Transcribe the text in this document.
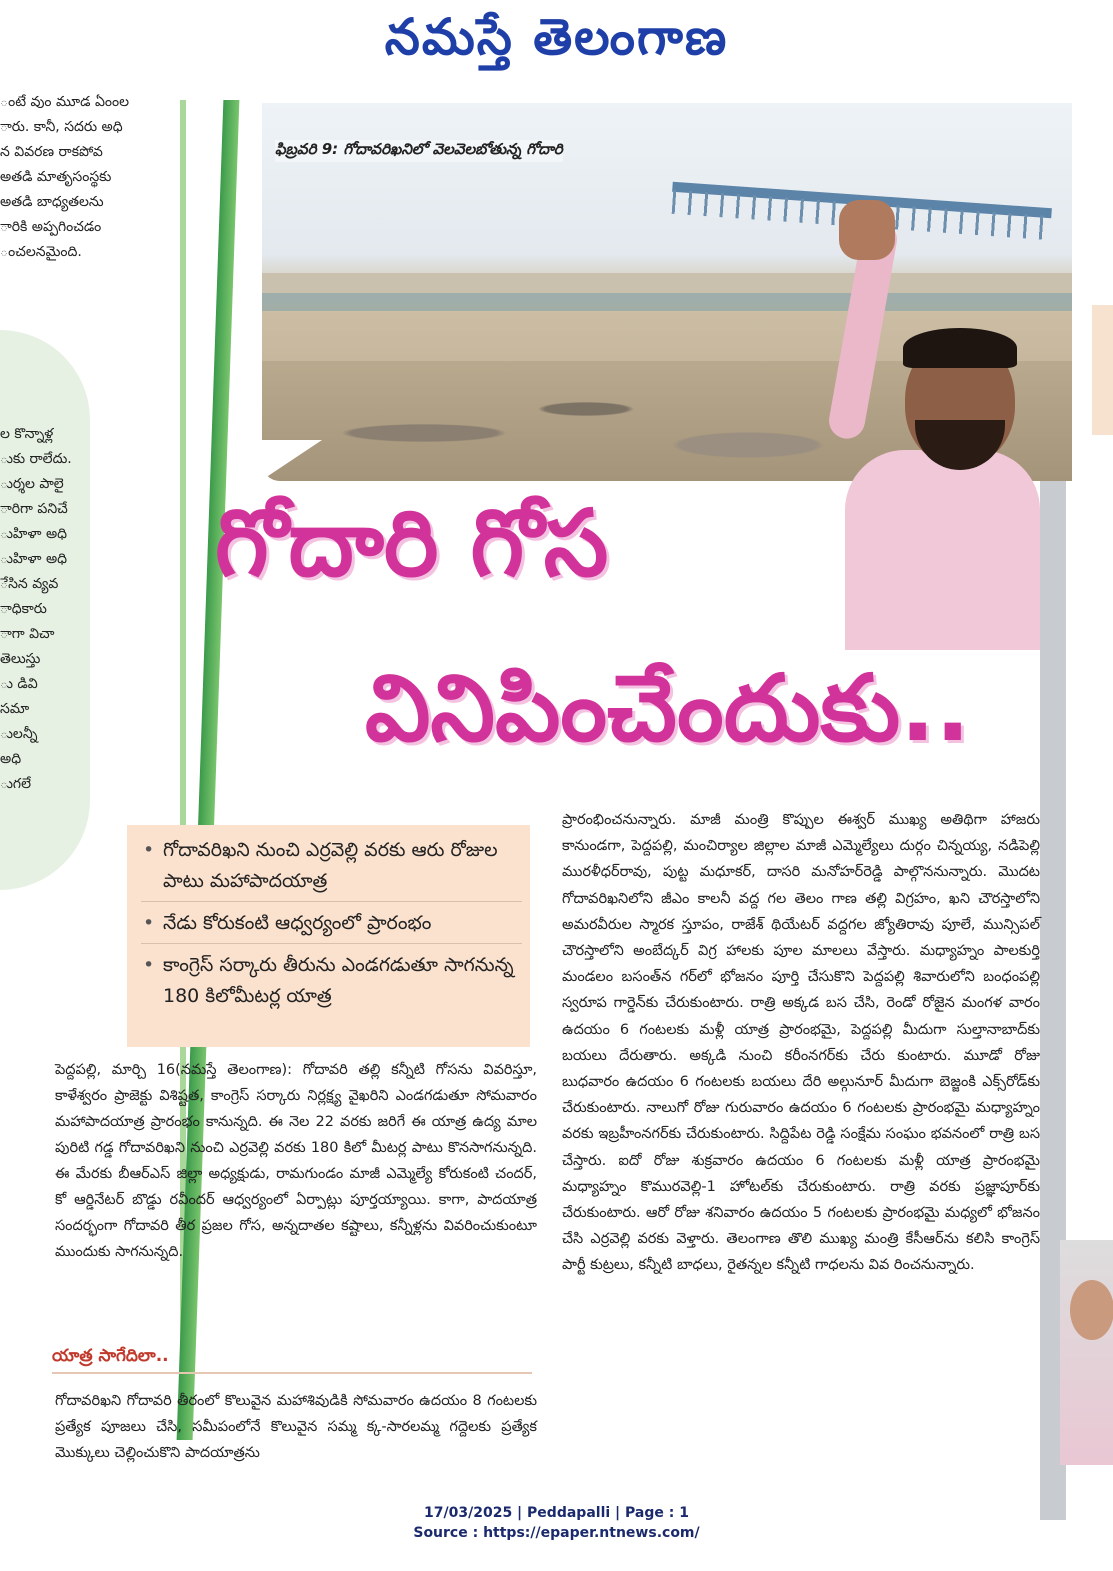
నమస్తే తెలంగాణ
ంటే వుం మూడ ఏంంల
ారు. కానీ, సదరు అధి
న వివరణ రాకపోవ
అతడి మాతృసంస్థకు
అతడి బాధ్యతలను
ారికి అప్పగించడం
ంచలనమైంది.
ల కొన్నాళ్ల
ుకు రాలేదు.
ుర్శల పాలై
ారిగా పనిచే
ుహిళా అధి
ుహిళా అధి
ేసిన వ్యవ
ాధికారు
ాగా విచా
తెలుస్తు
ు డివి
సమా
ులన్నీ
అధి
ుగలే
ఫిబ్రవరి 9: గోదావరిఖనిలో వెలవెలబోతున్న గోదారి
గోదారి గోస
వినిపించేందుకు..
• గోదావరిఖని నుంచి ఎర్రవెల్లి వరకు ఆరు రోజుల పాటు మహాపాదయాత్ర
• నేడు కోరుకంటి ఆధ్వర్యంలో ప్రారంభం
• కాంగ్రెస్ సర్కారు తీరును ఎండగడుతూ సాగనున్న 180 కిలోమీటర్ల యాత్ర
పెద్దపల్లి, మార్చి 16(నమస్తే తెలంగాణ): గోదావరి తల్లి కన్నీటి గోసను వివరిస్తూ, కాళేశ్వరం ప్రాజెక్టు విశిష్టత, కాంగ్రెస్ సర్కారు నిర్లక్ష్య వైఖరిని ఎండగడుతూ సోమవారం మహాపాదయాత్ర ప్రారంభం కానున్నది. ఈ నెల 22 వరకు జరిగే ఈ యాత్ర ఉద్య మాల పురిటి గడ్డ గోదావరిఖని నుంచి ఎర్రవెల్లి వరకు 180 కిలో మీటర్ల పాటు కొనసాగనున్నది. ఈ మేరకు బీఆర్ఎస్ జిల్లా అధ్యక్షుడు, రామగుండం మాజీ ఎమ్మెల్యే కోరుకంటి చందర్, కో ఆర్డినేటర్ బొడ్డు రవీందర్ ఆధ్వర్యంలో ఏర్పాట్లు పూర్తయ్యాయి. కాగా, పాదయాత్ర సందర్భంగా గోదావరి తీర ప్రజల గోస, అన్నదాతల కష్టాలు, కన్నీళ్లను వివరించుకుంటూ ముందుకు సాగనున్నది.
యాత్ర సాగేదిలా..
గోదావరిఖని గోదావరి తీరంలో కొలువైన మహాశివుడికి సోమవారం ఉదయం 8 గంటలకు ప్రత్యేక పూజలు చేసి, సమీపంలోనే కొలువైన సమ్మ క్క-సారలమ్మ గద్దెలకు ప్రత్యేక మొక్కులు చెల్లించుకొని పాదయాత్రను
ప్రారంభించనున్నారు. మాజీ మంత్రి కొప్పుల ఈశ్వర్ ముఖ్య అతిథిగా హాజరు కానుండగా, పెద్దపల్లి, మంచిర్యాల జిల్లాల మాజీ ఎమ్మెల్యేలు దుర్గం చిన్నయ్య, నడిపెల్లి మురళీధర్‌రావు, పుట్ట మధూకర్, దాసరి మనోహర్‌రెడ్డి పాల్గొననున్నారు. మొదట గోదావరిఖనిలోని జీఎం కాలనీ వద్ద గల తెలం గాణ తల్లి విగ్రహం, ఖని చౌరస్తాలోని అమరవీరుల స్మారక స్తూపం, రాజేశ్ థియేటర్ వద్దగల జ్యోతిరావు పూలే, మున్సిపల్ చౌరస్తాలోని అంబేద్కర్ విగ్ర హాలకు పూల మాలలు వేస్తారు. మధ్యాహ్నం పాలకుర్తి మండలం బసంత్‌న గర్‌లో భోజనం పూర్తి చేసుకొని పెద్దపల్లి శివారులోని బంధంపల్లి స్వరూప గార్డెన్‌కు చేరుకుంటారు. రాత్రి అక్కడ బస చేసి, రెండో రోజైన మంగళ వారం ఉదయం 6 గంటలకు మళ్లీ యాత్ర ప్రారంభమై, పెద్దపల్లి మీదుగా సుల్తానాబాద్‌కు బయలు దేరుతారు. అక్కడి నుంచి కరీంనగర్‌కు చేరు కుంటారు. మూడో రోజు బుధవారం ఉదయం 6 గంటలకు బయలు దేరి అల్గునూర్ మీదుగా బెజ్జంకి ఎక్స్‌రోడ్‌కు చేరుకుంటారు. నాలుగో రోజు గురువారం ఉదయం 6 గంటలకు ప్రారంభమై మధ్యాహ్నం వరకు ఇబ్రహీంనగర్‌కు చేరుకుంటారు. సిద్దిపేట రెడ్డి సంక్షేమ సంఘం భవనంలో రాత్రి బస చేస్తారు. ఐదో రోజు శుక్రవారం ఉదయం 6 గంటలకు మళ్లీ యాత్ర ప్రారంభమై మధ్యాహ్నం కొమురవెల్లి-1 హోటల్‌కు చేరుకుంటారు. రాత్రి వరకు ప్రజ్ఞాపూర్‌కు చేరుకుంటారు. ఆరో రోజు శనివారం ఉదయం 5 గంటలకు ప్రారంభమై మధ్యలో భోజనం చేసి ఎర్రవెల్లి వరకు వెళ్తారు. తెలంగాణ తొలి ముఖ్య మంత్రి కేసీఆర్‌ను కలిసి కాంగ్రెస్ పార్టీ కుట్రలు, కన్నీటి బాధలు, రైతన్నల కన్నీటి గాధలను వివ రించనున్నారు.
17/03/2025 | Peddapalli | Page : 1
Source : https://epaper.ntnews.com/
